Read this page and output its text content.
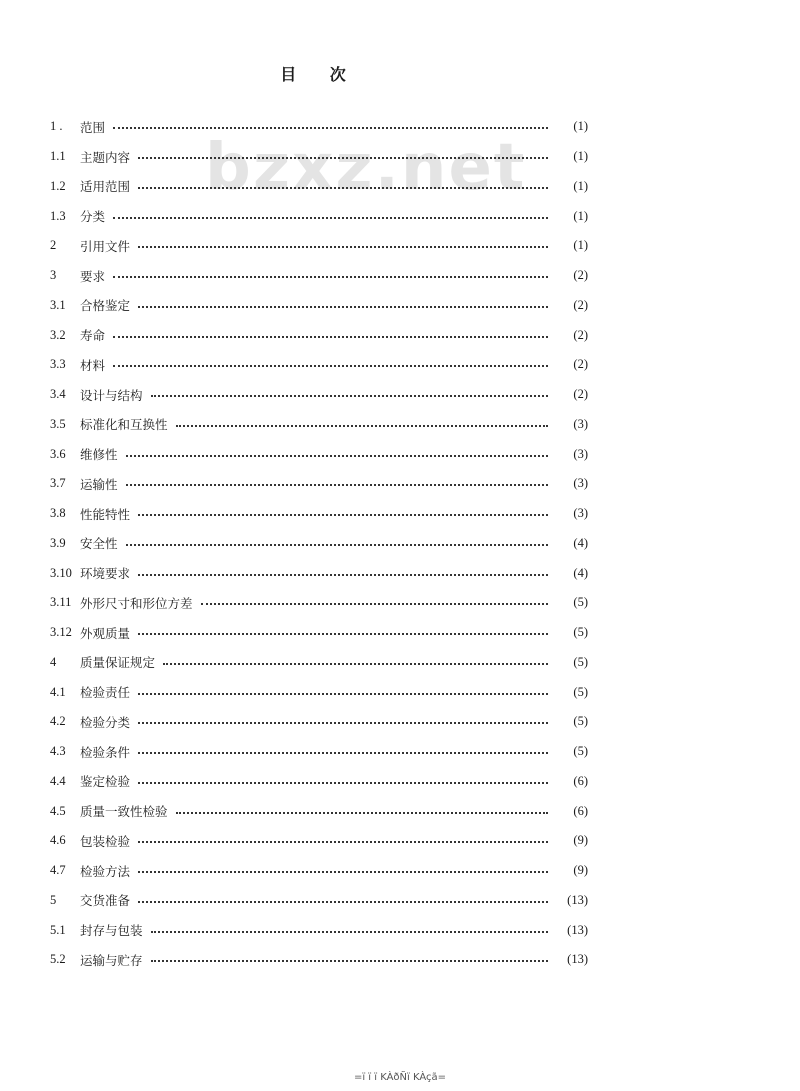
bzxz.net
目 次
1 .	范围	(1)
1.1	主题内容	(1)
1.2	适用范围	(1)
1.3	分类	(1)
2	引用文件	(1)
3	要求	(2)
3.1	合格鉴定	(2)
3.2	寿命	(2)
3.3	材料	(2)
3.4	设计与结构	(2)
3.5	标准化和互换性	(3)
3.6	维修性	(3)
3.7	运输性	(3)
3.8	性能特性	(3)
3.9	安全性	(4)
3.10 环境要求	(4)
3.11 外形尺寸和形位方差	(5)
3.12 外观质量	(5)
4	质量保证规定	(5)
4.1	检验责任	(5)
4.2	检验分类	(5)
4.3	检验条件	(5)
4.4	鉴定检验	(6)
4.5	质量一致性检验	(6)
4.6	包装检验	(9)
4.7	检验方法	(9)
5	交货准备	(13)
5.1	封存与包装	(13)
5.2	运输与贮存	(13)
=ï ï ï KÀðÑï KÀçã=
